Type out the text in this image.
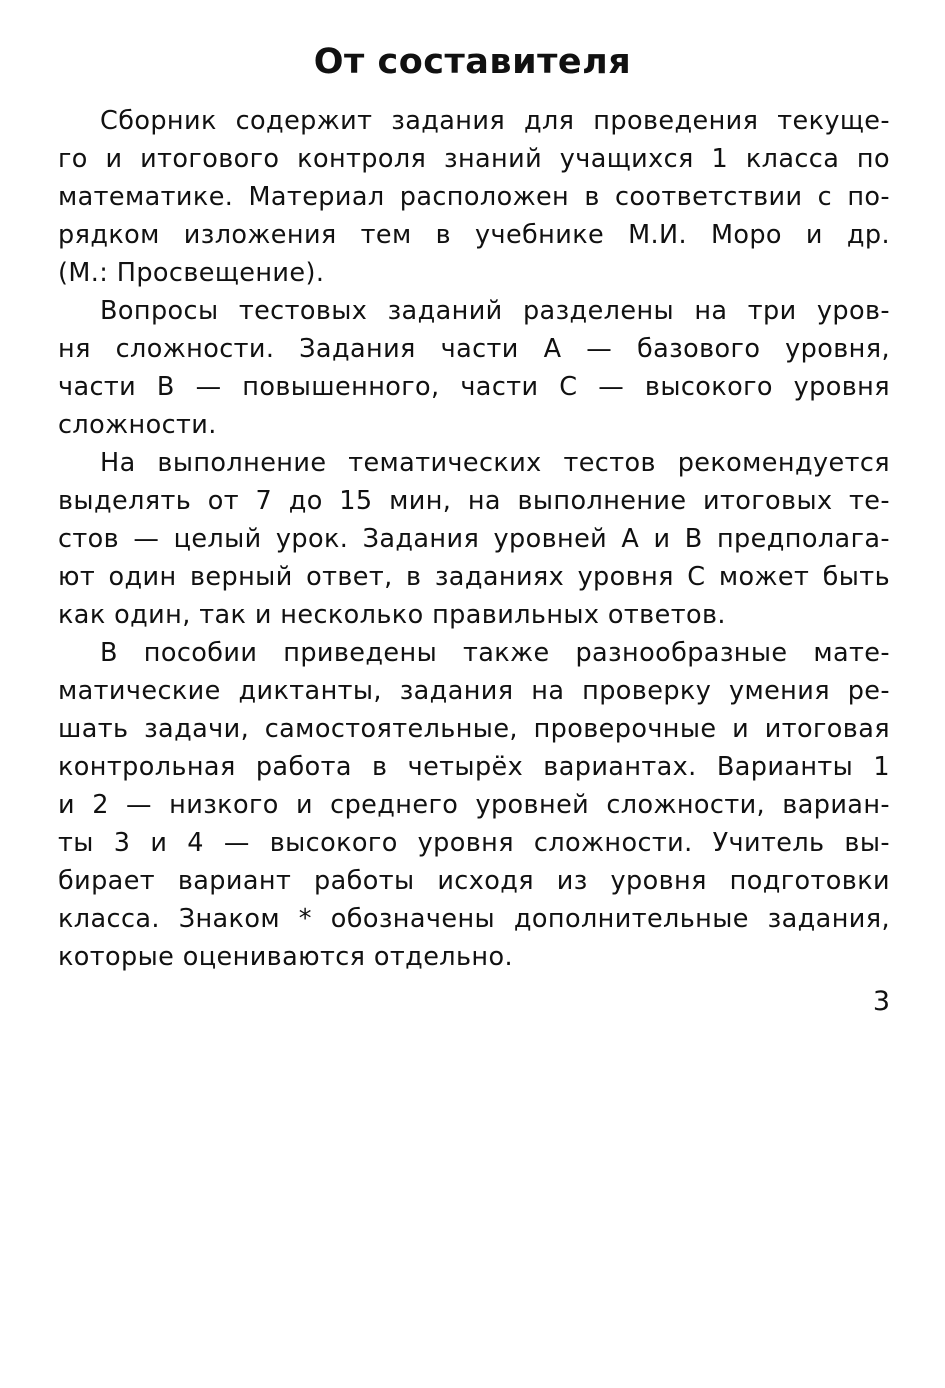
От составителя

Сборник содержит задания для проведения текуще-
го и итогового контроля знаний учащихся 1 класса по
математике. Материал расположен в соответствии с по-
рядком изложения тем в учебнике М.И. Моро и др.
(М.: Просвещение).

Вопросы тестовых заданий разделены на три уров-
ня сложности. Задания части А — базового уровня,
части В — повышенного, части С — высокого уровня
сложности.

На выполнение тематических тестов рекомендуется
выделять от 7 до 15 мин, на выполнение итоговых те-
стов — целый урок. Задания уровней А и В предполага-
ют один верный ответ, в заданиях уровня С может быть
как один, так и несколько правильных ответов.

В пособии приведены также разнообразные мате-
матические диктанты, задания на проверку умения ре-
шать задачи, самостоятельные, проверочные и итоговая
контрольная работа в четырёх вариантах. Варианты 1
и 2 — низкого и среднего уровней сложности, вариан-
ты 3 и 4 — высокого уровня сложности. Учитель вы-
бирает вариант работы исходя из уровня подготовки
класса. Знаком * обозначены дополнительные задания,
которые оцениваются отдельно.

3
